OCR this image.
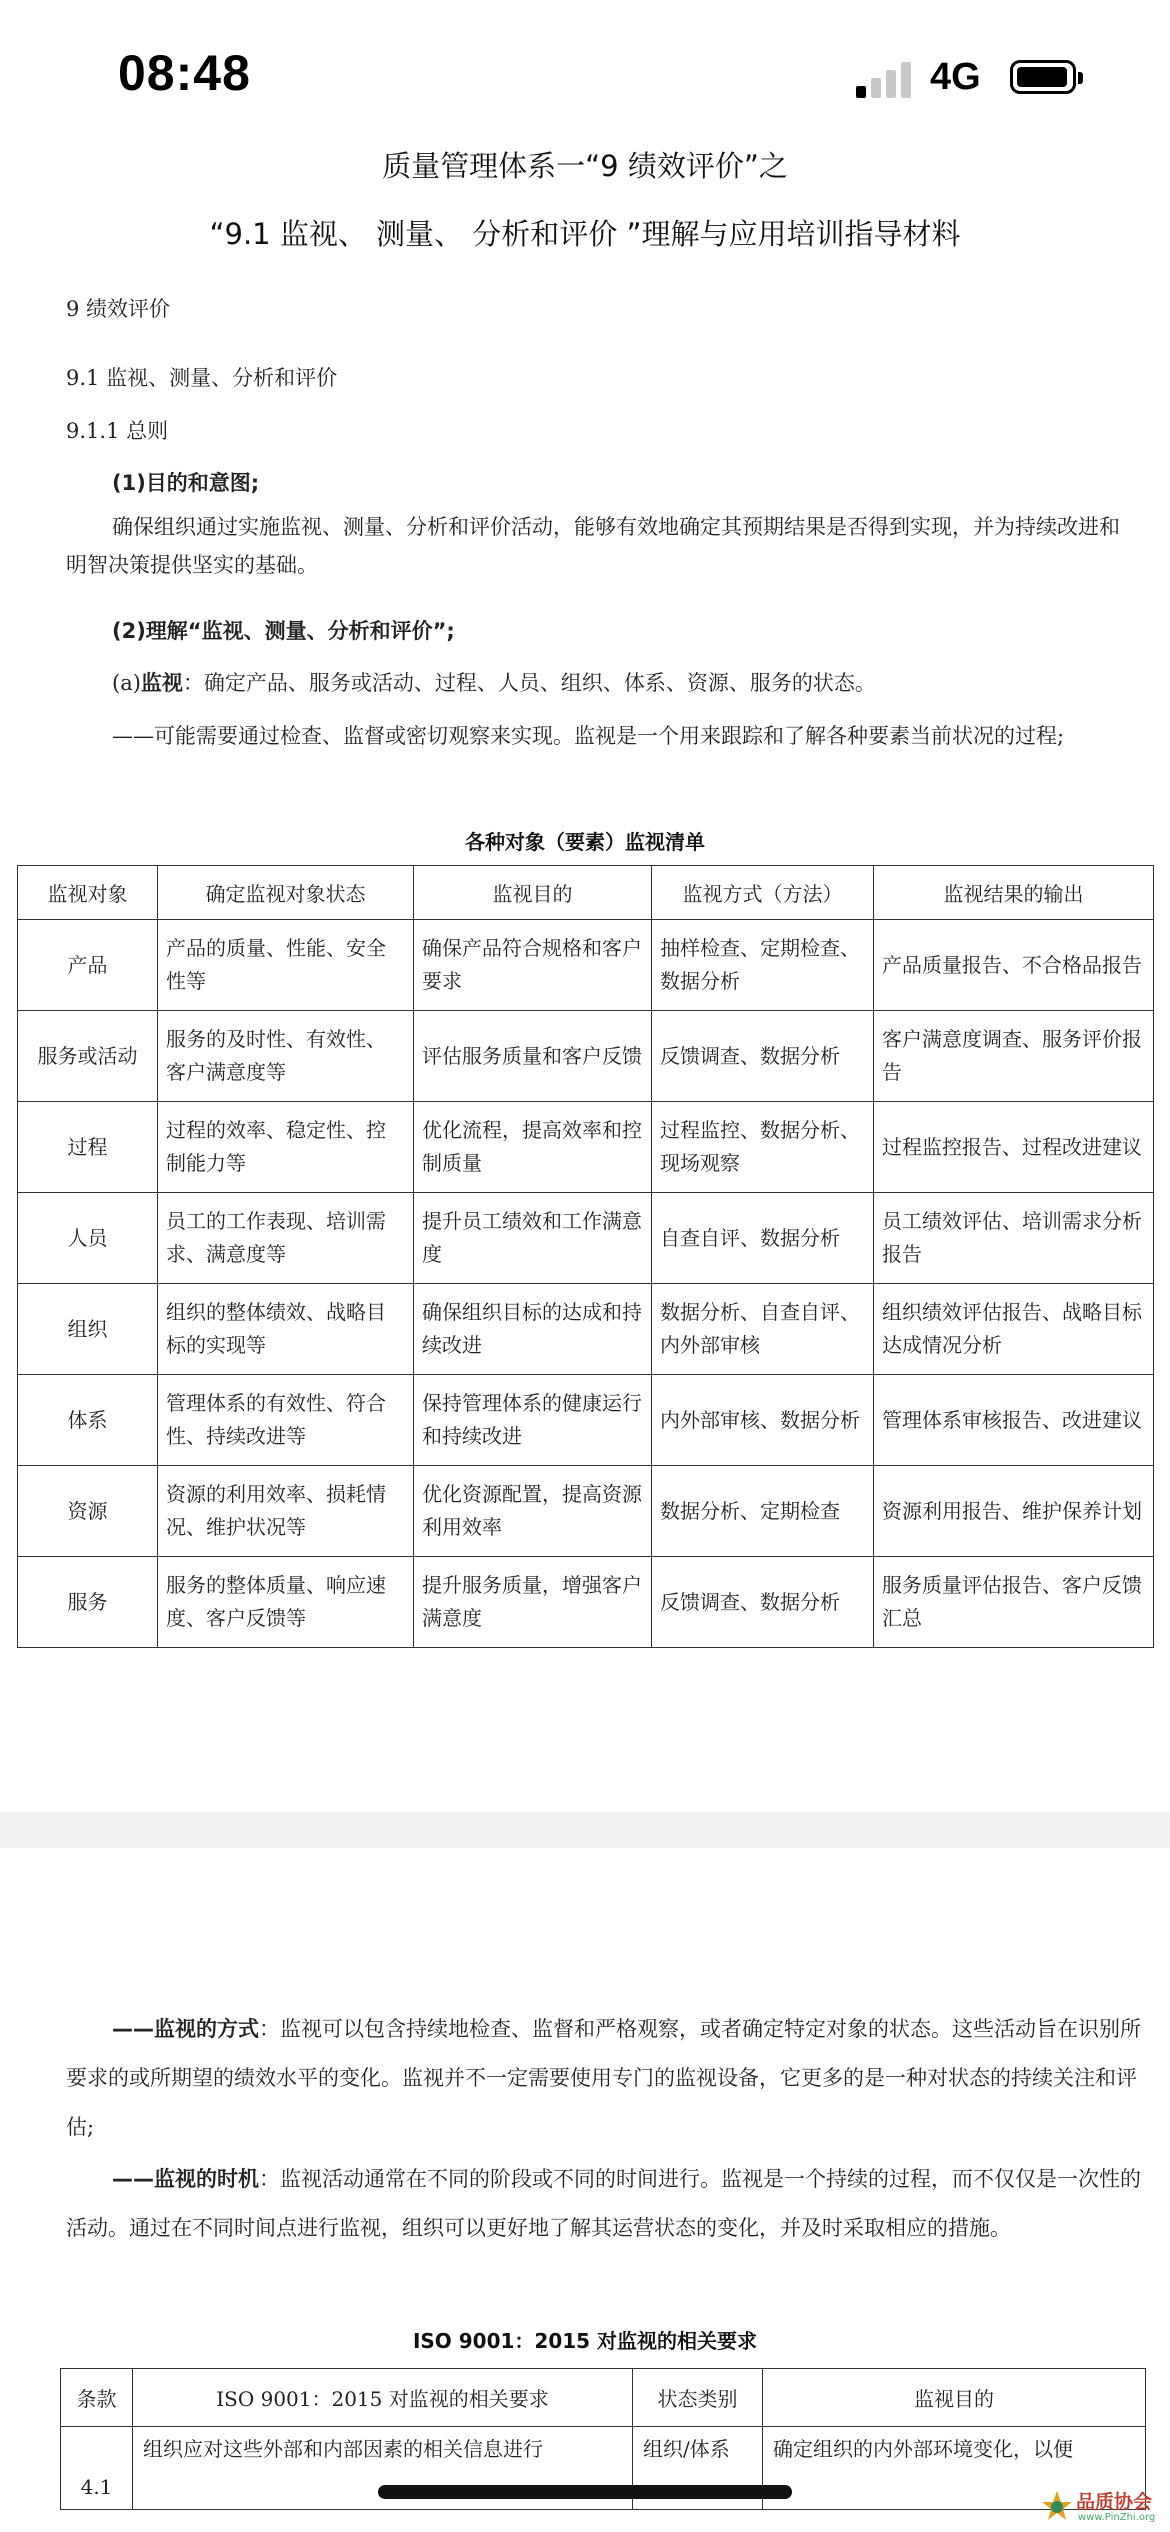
08:48	4G
质量管理体系一“9 绩效评价”之
“9.1 监视、 测量、 分析和评价 ”理解与应用培训指导材料
9 绩效评价
9.1 监视、测量、分析和评价
9.1.1 总则
(1)目的和意图;
确保组织通过实施监视、测量、分析和评价活动，能够有效地确定其预期结果是否得到实现，并为持续改进和明智决策提供坚实的基础。
(2)理解“监视、测量、分析和评价”;
(a)监视：确定产品、服务或活动、过程、人员、组织、体系、资源、服务的状态。
——可能需要通过检查、监督或密切观察来实现。监视是一个用来跟踪和了解各种要素当前状况的过程;
各种对象（要素）监视清单
监视对象	确定监视对象状态	监视目的	监视方式（方法）	监视结果的输出
产品	产品的质量、性能、安全性等	确保产品符合规格和客户要求	抽样检查、定期检查、数据分析	产品质量报告、不合格品报告
服务或活动	服务的及时性、有效性、客户满意度等	评估服务质量和客户反馈	反馈调查、数据分析	客户满意度调查、服务评价报告
过程	过程的效率、稳定性、控制能力等	优化流程，提高效率和控制质量	过程监控、数据分析、现场观察	过程监控报告、过程改进建议
人员	员工的工作表现、培训需求、满意度等	提升员工绩效和工作满意度	自查自评、数据分析	员工绩效评估、培训需求分析报告
组织	组织的整体绩效、战略目标的实现等	确保组织目标的达成和持续改进	数据分析、自查自评、内外部审核	组织绩效评估报告、战略目标达成情况分析
体系	管理体系的有效性、符合性、持续改进等	保持管理体系的健康运行和持续改进	内外部审核、数据分析	管理体系审核报告、改进建议
资源	资源的利用效率、损耗情况、维护状况等	优化资源配置，提高资源利用效率	数据分析、定期检查	资源利用报告、维护保养计划
服务	服务的整体质量、响应速度、客户反馈等	提升服务质量，增强客户满意度	反馈调查、数据分析	服务质量评估报告、客户反馈汇总
——监视的方式：监视可以包含持续地检查、监督和严格观察，或者确定特定对象的状态。这些活动旨在识别所要求的或所期望的绩效水平的变化。监视并不一定需要使用专门的监视设备，它更多的是一种对状态的持续关注和评估;
——监视的时机：监视活动通常在不同的阶段或不同的时间进行。监视是一个持续的过程，而不仅仅是一次性的活动。通过在不同时间点进行监视，组织可以更好地了解其运营状态的变化，并及时采取相应的措施。
ISO 9001：2015 对监视的相关要求
条款	ISO 9001：2015 对监视的相关要求	状态类别	监视目的
4.1	组织应对这些外部和内部因素的相关信息进行	组织/体系	确定组织的内外部环境变化，以便
品质协会
www.PinZhi.org
